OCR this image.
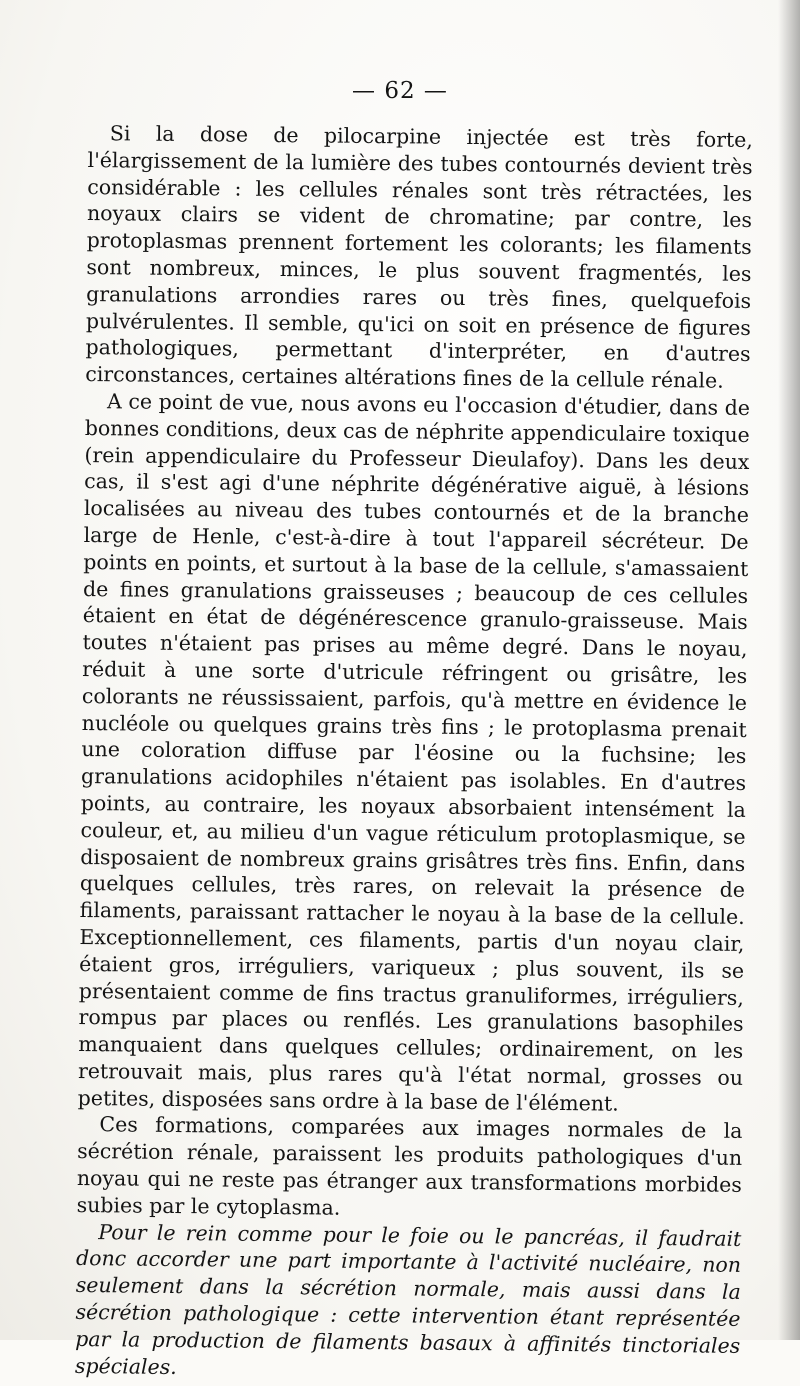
— 62 —

Si la dose de pilocarpine injectée est très forte, l'élargissement de la lumière des tubes contournés devient très considérable : les cellules rénales sont très rétractées, les noyaux clairs se vident de chromatine; par contre, les protoplasmas prennent fortement les colorants; les filaments sont nombreux, minces, le plus souvent fragmentés, les granulations arrondies rares ou très fines, quelquefois pulvérulentes. Il semble, qu'ici on soit en présence de figures pathologiques, permettant d'interpréter, en d'autres circonstances, certaines altérations fines de la cellule rénale.

A ce point de vue, nous avons eu l'occasion d'étudier, dans de bonnes conditions, deux cas de néphrite appendiculaire toxique (rein appendiculaire du Professeur Dieulafoy). Dans les deux cas, il s'est agi d'une néphrite dégénérative aiguë, à lésions localisées au niveau des tubes contournés et de la branche large de Henle, c'est-à-dire à tout l'appareil sécréteur. De points en points, et surtout à la base de la cellule, s'amassaient de fines granulations graisseuses ; beaucoup de ces cellules étaient en état de dégénérescence granulo-graisseuse. Mais toutes n'étaient pas prises au même degré. Dans le noyau, réduit à une sorte d'utricule réfringent ou grisâtre, les colorants ne réussissaient, parfois, qu'à mettre en évidence le nucléole ou quelques grains très fins ; le protoplasma prenait une coloration diffuse par l'éosine ou la fuchsine; les granulations acidophiles n'étaient pas isolables. En d'autres points, au contraire, les noyaux absorbaient intensément la couleur, et, au milieu d'un vague réticulum protoplasmique, se disposaient de nombreux grains grisâtres très fins. Enfin, dans quelques cellules, très rares, on relevait la présence de filaments, paraissant rattacher le noyau à la base de la cellule. Exceptionnellement, ces filaments, partis d'un noyau clair, étaient gros, irréguliers, variqueux ; plus souvent, ils se présentaient comme de fins tractus granuliformes, irréguliers, rompus par places ou renflés. Les granulations basophiles manquaient dans quelques cellules; ordinairement, on les retrouvait mais, plus rares qu'à l'état normal, grosses ou petites, disposées sans ordre à la base de l'élément.

Ces formations, comparées aux images normales de la sécrétion rénale, paraissent les produits pathologiques d'un noyau qui ne reste pas étranger aux transformations morbides subies par le cytoplasma.

Pour le rein comme pour le foie ou le pancréas, il faudrait donc accorder une part importante à l'activité nucléaire, non seulement dans la sécrétion normale, mais aussi dans la sécrétion pathologique : cette intervention étant représentée par la production de filaments basaux à affinités tinctoriales spéciales.
